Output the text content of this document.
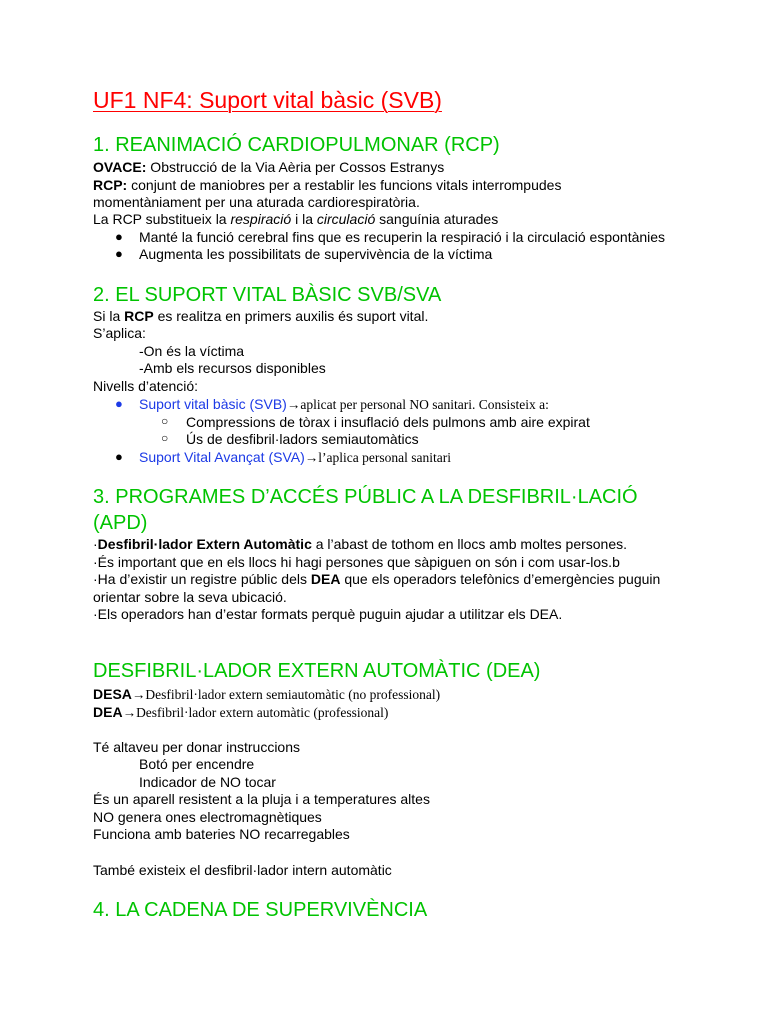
UF1 NF4: Suport vital bàsic (SVB)
1. REANIMACIÓ CARDIOPULMONAR (RCP)
OVACE: Obstrucció de la Via Aèria per Cossos Estranys
RCP: conjunt de maniobres per a restablir les funcions vitals interrompudes
momentàniament per una aturada cardiorespiratòria.
La RCP substitueix la respiració i la circulació sanguínia aturades
● Manté la funció cerebral fins que es recuperin la respiració i la circulació espontànies
● Augmenta les possibilitats de supervivència de la víctima
2. EL SUPORT VITAL BÀSIC SVB/SVA
Si la RCP es realitza en primers auxilis és suport vital.
S’aplica:
-On és la víctima
-Amb els recursos disponibles
Nivells d’atenció:
● Suport vital bàsic (SVB)→aplicat per personal NO sanitari. Consisteix a:
○ Compressions de tòrax i insuflació dels pulmons amb aire expirat
○ Ús de desfibril·ladors semiautomàtics
● Suport Vital Avançat (SVA)→l’aplica personal sanitari
3. PROGRAMES D’ACCÉS PÚBLIC A LA DESFIBRIL·LACIÓ
(APD)
·Desfibril·lador Extern Automàtic a l’abast de tothom en llocs amb moltes persones.
·És important que en els llocs hi hagi persones que sàpiguen on són i com usar-los.b
·Ha d’existir un registre públic dels DEA que els operadors telefònics d’emergències puguin
orientar sobre la seva ubicació.
·Els operadors han d’estar formats perquè puguin ajudar a utilitzar els DEA.
DESFIBRIL·LADOR EXTERN AUTOMÀTIC (DEA)
DESA→Desfibril·lador extern semiautomàtic (no professional)
DEA→Desfibril·lador extern automàtic (professional)
Té altaveu per donar instruccions
Botó per encendre
Indicador de NO tocar
És un aparell resistent a la pluja i a temperatures altes
NO genera ones electromagnètiques
Funciona amb bateries NO recarregables
També existeix el desfibril·lador intern automàtic
4. LA CADENA DE SUPERVIVÈNCIA
